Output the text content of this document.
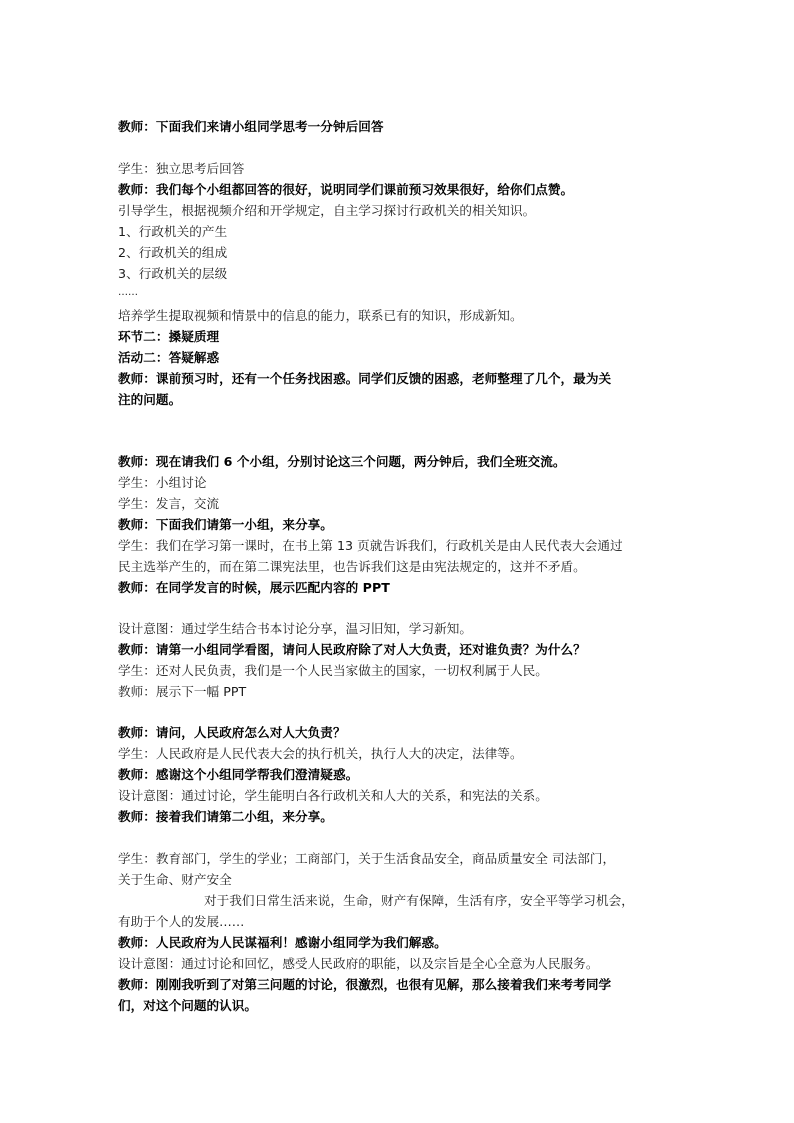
教师：下面我们来请小组同学思考一分钟后回答
学生：独立思考后回答
教师：我们每个小组都回答的很好，说明同学们课前预习效果很好，给你们点赞。
引导学生，根据视频介绍和开学规定，自主学习探讨行政机关的相关知识。
1、行政机关的产生
2、行政机关的组成
3、行政机关的层级
……
培养学生提取视频和情景中的信息的能力，联系已有的知识，形成新知。
环节二：搡疑质理
活动二：答疑解惑
教师：课前预习时，还有一个任务找困惑。同学们反馈的困惑，老师整理了几个，最为关
注的问题。
教师：现在请我们 6 个小组，分别讨论这三个问题，两分钟后，我们全班交流。
学生：小组讨论
学生：发言，交流
教师：下面我们请第一小组，来分享。
学生：我们在学习第一课时，在书上第 13 页就告诉我们，行政机关是由人民代表大会通过
民主选举产生的，而在第二课宪法里，也告诉我们这是由宪法规定的，这并不矛盾。
教师：在同学发言的时候，展示匹配内容的 PPT
设计意图：通过学生结合书本讨论分享，温习旧知，学习新知。
教师：请第一小组同学看图，请问人民政府除了对人大负责，还对谁负责？为什么？
学生：还对人民负责，我们是一个人民当家做主的国家，一切权利属于人民。
教师：展示下一幅 PPT
教师：请问，人民政府怎么对人大负责？
学生：人民政府是人民代表大会的执行机关，执行人大的决定，法律等。
教师：感谢这个小组同学帮我们澄清疑惑。
设计意图：通过讨论，学生能明白各行政机关和人大的关系，和宪法的关系。
教师：接着我们请第二小组，来分享。
学生：教育部门，学生的学业；工商部门，关于生活食品安全，商品质量安全 司法部门，
关于生命、财产安全
对于我们日常生活来说，生命，财产有保障，生活有序，安全平等学习机会，
有助于个人的发展……
教师：人民政府为人民谋福利！感谢小组同学为我们解惑。
设计意图：通过讨论和回忆，感受人民政府的职能，以及宗旨是全心全意为人民服务。
教师：刚刚我听到了对第三问题的讨论，很激烈，也很有见解，那么接着我们来考考同学
们，对这个问题的认识。
